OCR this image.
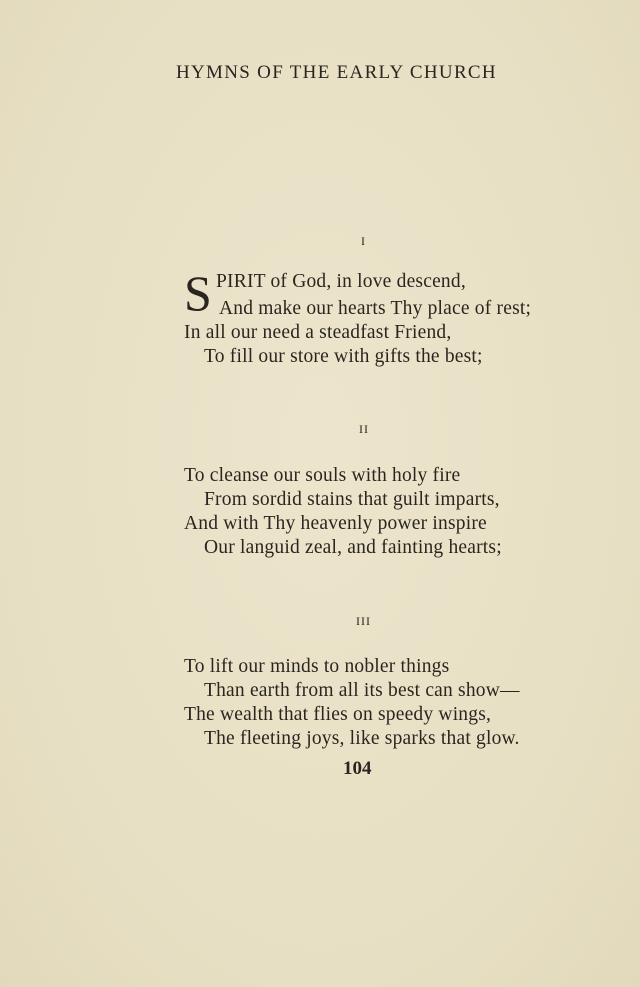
HYMNS OF THE EARLY CHURCH
I
S PIRIT of God, in love descend,
And make our hearts Thy place of rest;
In all our need a steadfast Friend,
To fill our store with gifts the best;
II
To cleanse our souls with holy fire
From sordid stains that guilt imparts,
And with Thy heavenly power inspire
Our languid zeal, and fainting hearts;
III
To lift our minds to nobler things
Than earth from all its best can show—
The wealth that flies on speedy wings,
The fleeting joys, like sparks that glow.
104
